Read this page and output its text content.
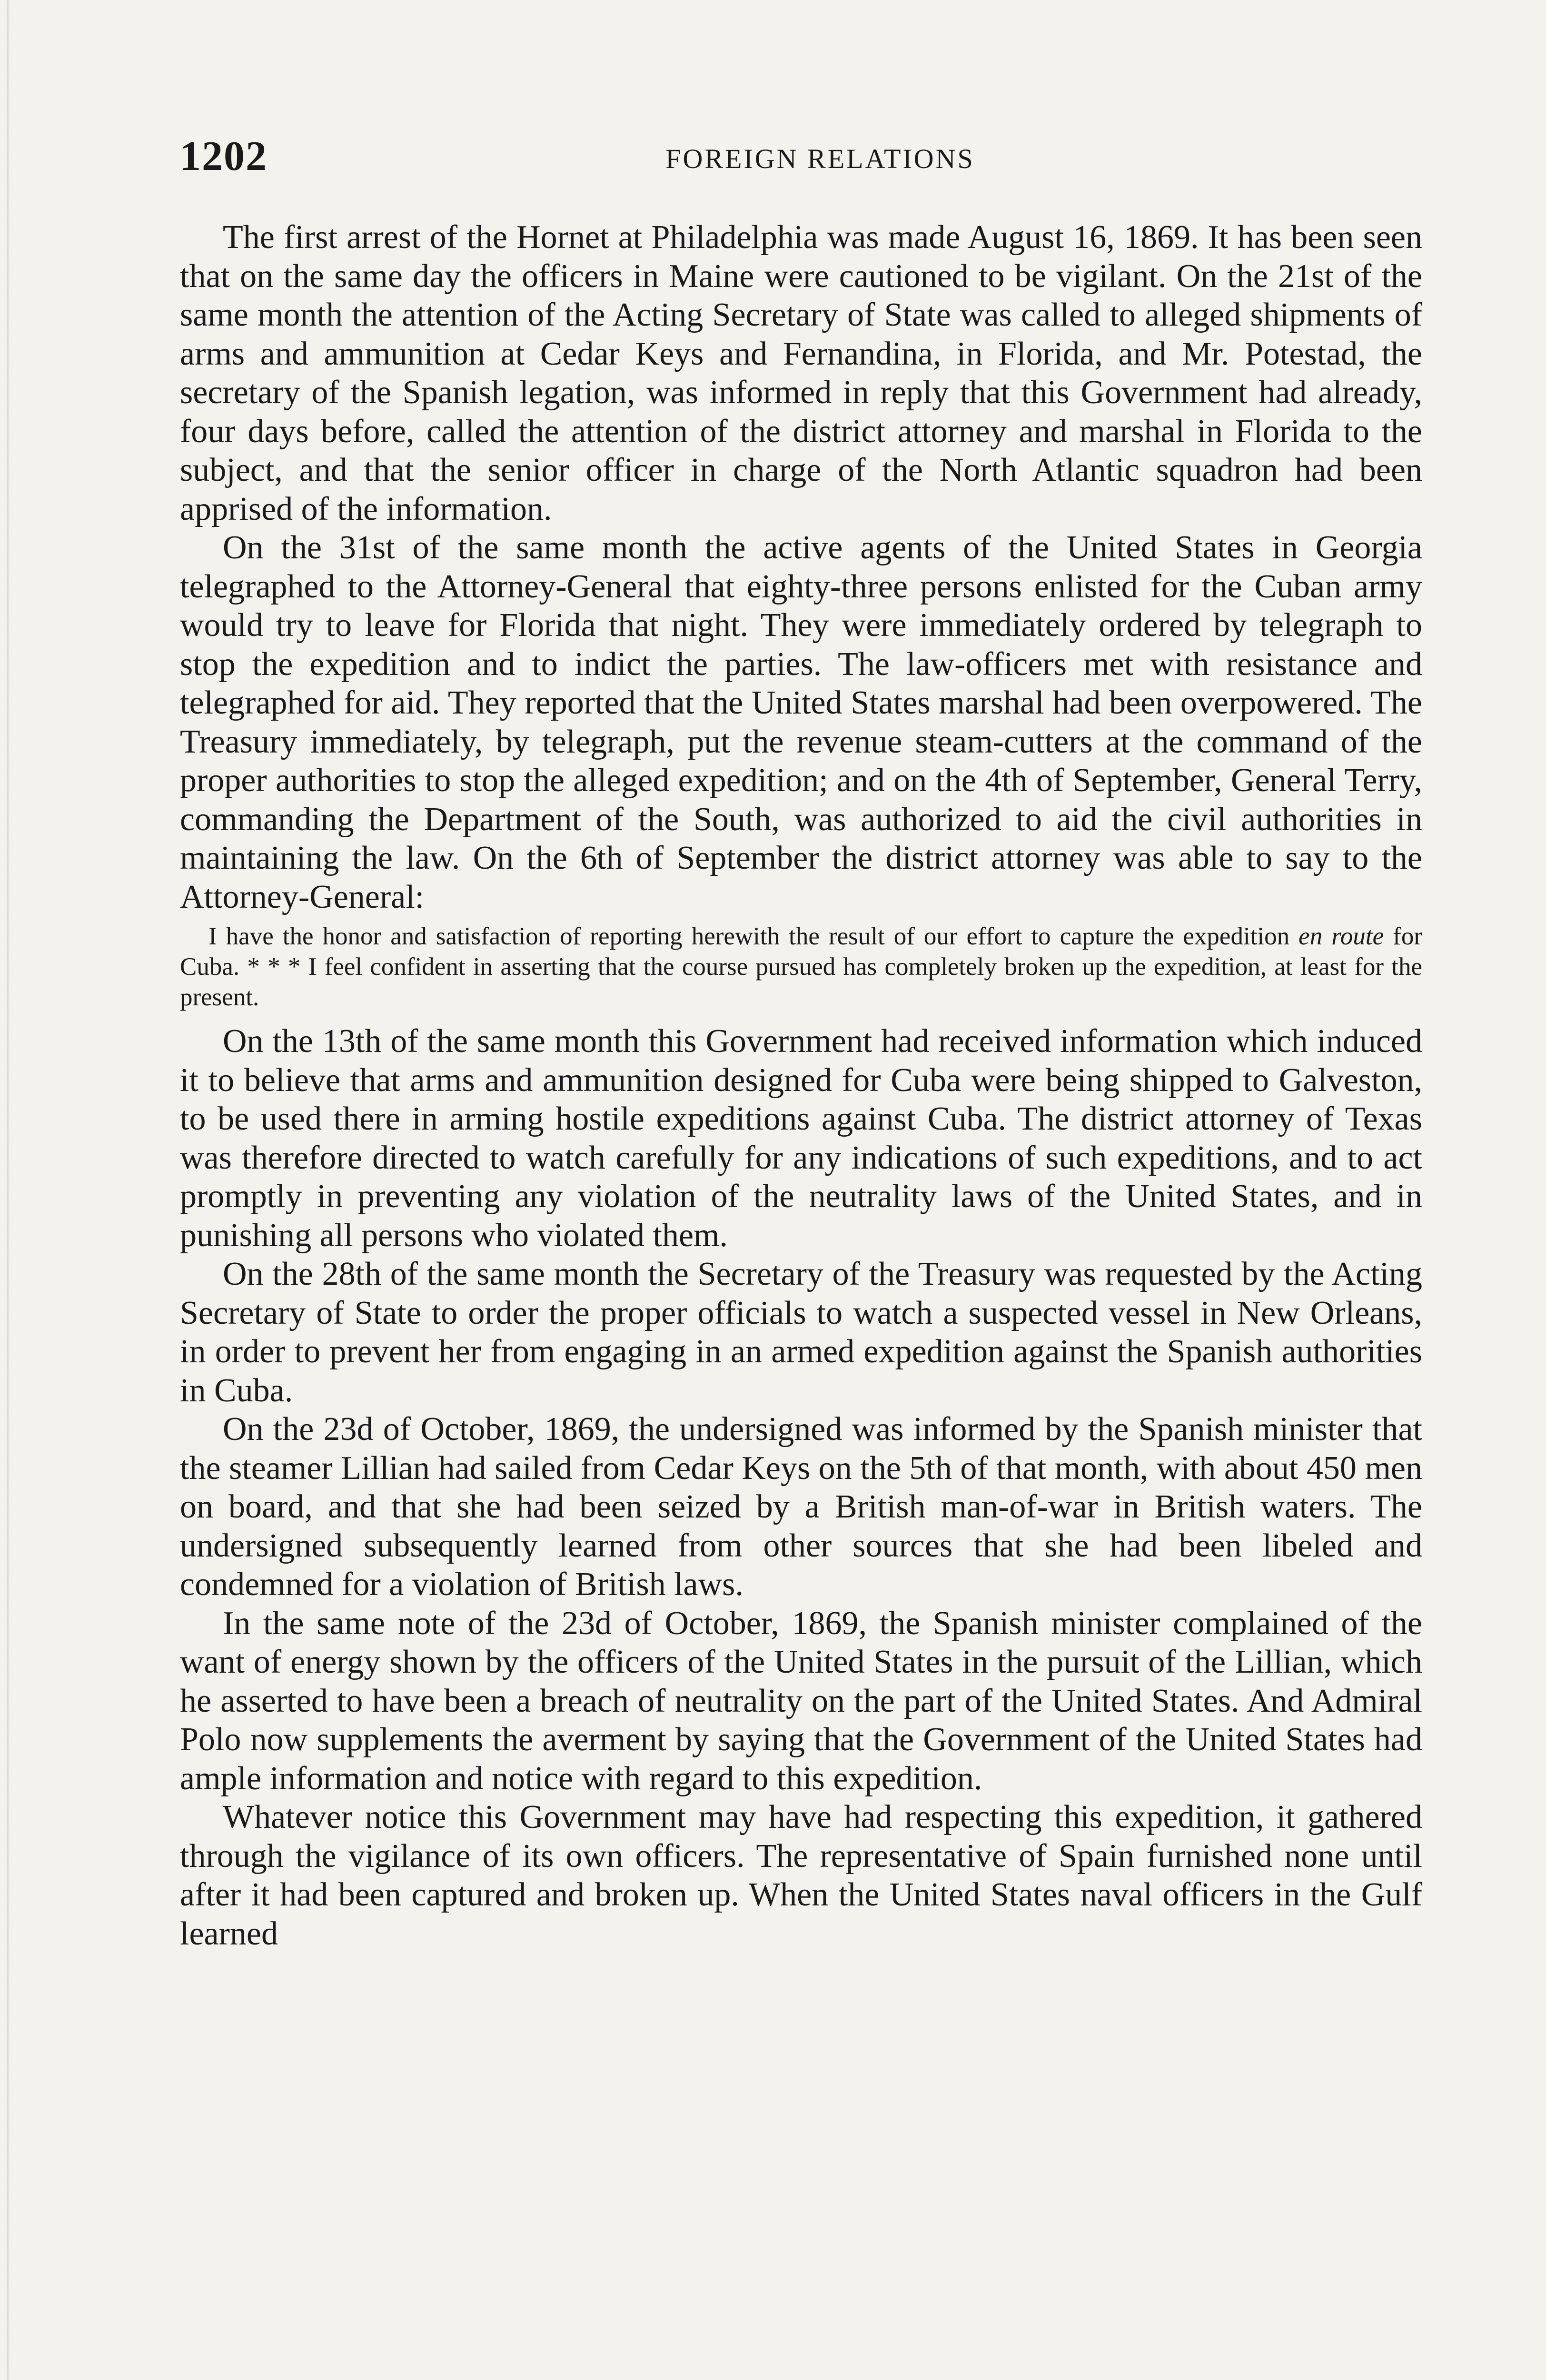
1202	FOREIGN RELATIONS

The first arrest of the Hornet at Philadelphia was made August 16, 1869. It has been seen that on the same day the officers in Maine were cautioned to be vigilant. On the 21st of the same month the attention of the Acting Secretary of State was called to alleged shipments of arms and ammunition at Cedar Keys and Fernandina, in Florida, and Mr. Potestad, the secretary of the Spanish legation, was informed in reply that this Government had already, four days before, called the attention of the district attorney and marshal in Florida to the subject, and that the senior officer in charge of the North Atlantic squadron had been apprised of the information.

On the 31st of the same month the active agents of the United States in Georgia telegraphed to the Attorney-General that eighty-three persons enlisted for the Cuban army would try to leave for Florida that night. They were immediately ordered by telegraph to stop the expedition and to indict the parties. The law-officers met with resistance and telegraphed for aid. They reported that the United States marshal had been overpowered. The Treasury immediately, by telegraph, put the revenue steam-cutters at the command of the proper authorities to stop the alleged expedition; and on the 4th of September, General Terry, commanding the Department of the South, was authorized to aid the civil authorities in maintaining the law. On the 6th of September the district attorney was able to say to the Attorney-General:

I have the honor and satisfaction of reporting herewith the result of our effort to capture the expedition en route for Cuba. * * * I feel confident in asserting that the course pursued has completely broken up the expedition, at least for the present.

On the 13th of the same month this Government had received information which induced it to believe that arms and ammunition designed for Cuba were being shipped to Galveston, to be used there in arming hostile expeditions against Cuba. The district attorney of Texas was therefore directed to watch carefully for any indications of such expeditions, and to act promptly in preventing any violation of the neutrality laws of the United States, and in punishing all persons who violated them.

On the 28th of the same month the Secretary of the Treasury was requested by the Acting Secretary of State to order the proper officials to watch a suspected vessel in New Orleans, in order to prevent her from engaging in an armed expedition against the Spanish authorities in Cuba.

On the 23d of October, 1869, the undersigned was informed by the Spanish minister that the steamer Lillian had sailed from Cedar Keys on the 5th of that month, with about 450 men on board, and that she had been seized by a British man-of-war in British waters. The undersigned subsequently learned from other sources that she had been libeled and condemned for a violation of British laws.

In the same note of the 23d of October, 1869, the Spanish minister complained of the want of energy shown by the officers of the United States in the pursuit of the Lillian, which he asserted to have been a breach of neutrality on the part of the United States. And Admiral Polo now supplements the averment by saying that the Government of the United States had ample information and notice with regard to this expedition.

Whatever notice this Government may have had respecting this expedition, it gathered through the vigilance of its own officers. The representative of Spain furnished none until after it had been captured and broken up. When the United States naval officers in the Gulf learned
